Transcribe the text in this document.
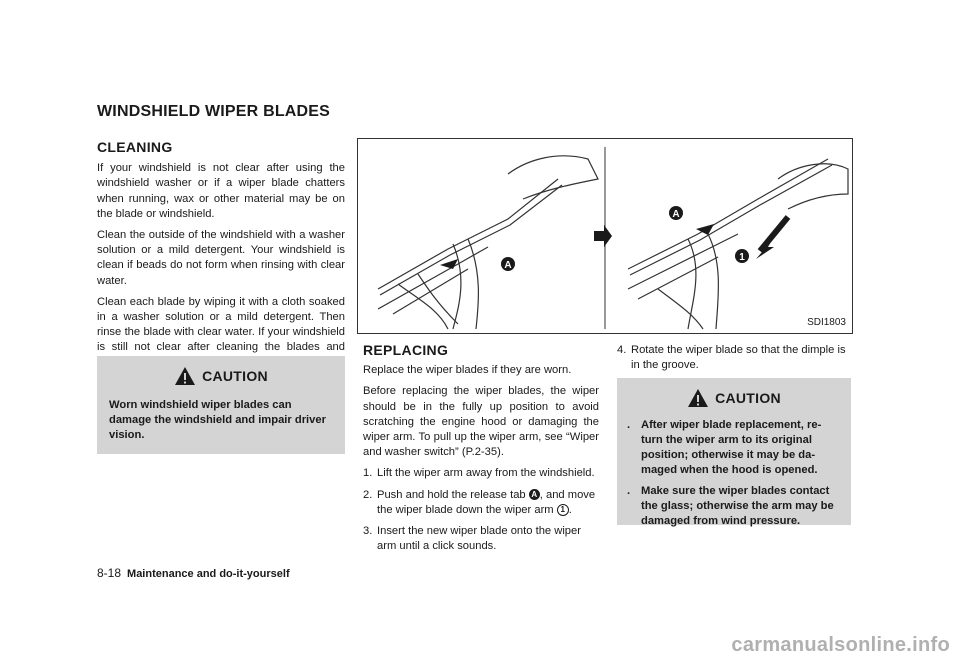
WINDSHIELD WIPER BLADES
CLEANING

If your windshield is not clear after using the windshield washer or if a wiper blade chatters when running, wax or other material may be on the blade or windshield.

Clean the outside of the windshield with a washer solution or a mild detergent. Your windshield is clean if beads do not form when rinsing with clear water.

Clean each blade by wiping it with a cloth soaked in a washer solution or a mild detergent. Then rinse the blade with clear water. If your windshield is still not clear after cleaning the blades and

CAUTION
Worn windshield wiper blades can damage the windshield and impair driver vision.
A
A
1
SDI1803
REPLACING

Replace the wiper blades if they are worn.

Before replacing the wiper blades, the wiper should be in the fully up position to avoid scratching the engine hood or damaging the wiper arm. To pull up the wiper arm, see “Wiper and washer switch” (P.2-35).

1. Lift the wiper arm away from the windshield.
2. Push and hold the release tab A , and move the wiper blade down the wiper arm 1 .
3. Insert the new wiper blade onto the wiper arm until a click sounds.
4. Rotate the wiper blade so that the dimple is in the groove.
CAUTION
. After wiper blade replacement, re-turn the wiper arm to its original position; otherwise it may be da-maged when the hood is opened.
. Make sure the wiper blades contact the glass; otherwise the arm may be damaged from wind pressure.
8-18 Maintenance and do-it-yourself
carmanualsonline.info
